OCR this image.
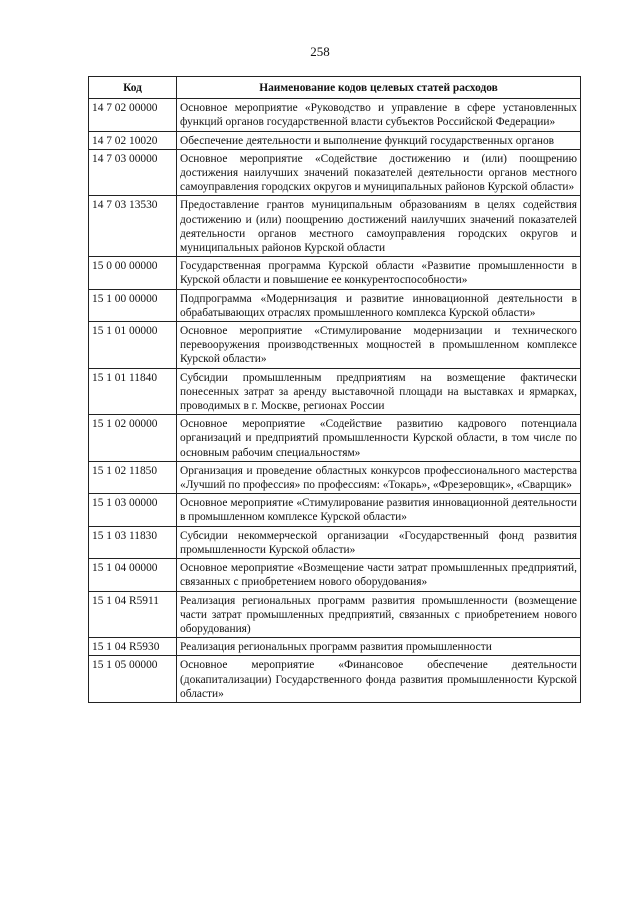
258
Код	Наименование кодов целевых статей расходов
14 7 02 00000	Основное мероприятие «Руководство и управление в сфере установленных функций органов государственной власти субъектов Российской Федерации»
14 7 02 10020	Обеспечение деятельности и выполнение функций государственных органов
14 7 03 00000	Основное мероприятие «Содействие достижению и (или) поощрению достижения наилучших значений показателей деятельности органов местного самоуправления городских округов и муниципальных районов Курской области»
14 7 03 13530	Предоставление грантов муниципальным образованиям в целях содействия достижению и (или) поощрению достижений наилучших значений показателей деятельности органов местного самоуправления городских округов и муниципальных районов Курской области
15 0 00 00000	Государственная программа Курской области «Развитие промышленности в Курской области и повышение ее конкурентоспособности»
15 1 00 00000	Подпрограмма «Модернизация и развитие инновационной деятельности в обрабатывающих отраслях промышленного комплекса Курской области»
15 1 01 00000	Основное мероприятие «Стимулирование модернизации и технического перевооружения производственных мощностей в промышленном комплексе Курской области»
15 1 01 11840	Субсидии промышленным предприятиям на возмещение фактически понесенных затрат за аренду выставочной площади на выставках и ярмарках, проводимых в г. Москве, регионах России
15 1 02 00000	Основное мероприятие «Содействие развитию кадрового потенциала организаций и предприятий промышленности Курской области, в том числе по основным рабочим специальностям»
15 1 02 11850	Организация и проведение областных конкурсов профессионального мастерства «Лучший по профессия» по профессиям: «Токарь», «Фрезеровщик», «Сварщик»
15 1 03 00000	Основное мероприятие «Стимулирование развития инновационной деятельности в промышленном комплексе Курской области»
15 1 03 11830	Субсидии некоммерческой организации «Государственный фонд развития промышленности Курской области»
15 1 04 00000	Основное мероприятие «Возмещение части затрат промышленных предприятий, связанных с приобретением нового оборудования»
15 1 04 R5911	Реализация региональных программ развития промышленности (возмещение части затрат промышленных предприятий, связанных с приобретением нового оборудования)
15 1 04 R5930	Реализация региональных программ развития промышленности
15 1 05 00000	Основное мероприятие «Финансовое обеспечение деятельности (докапитализации) Государственного фонда развития промышленности Курской области»
